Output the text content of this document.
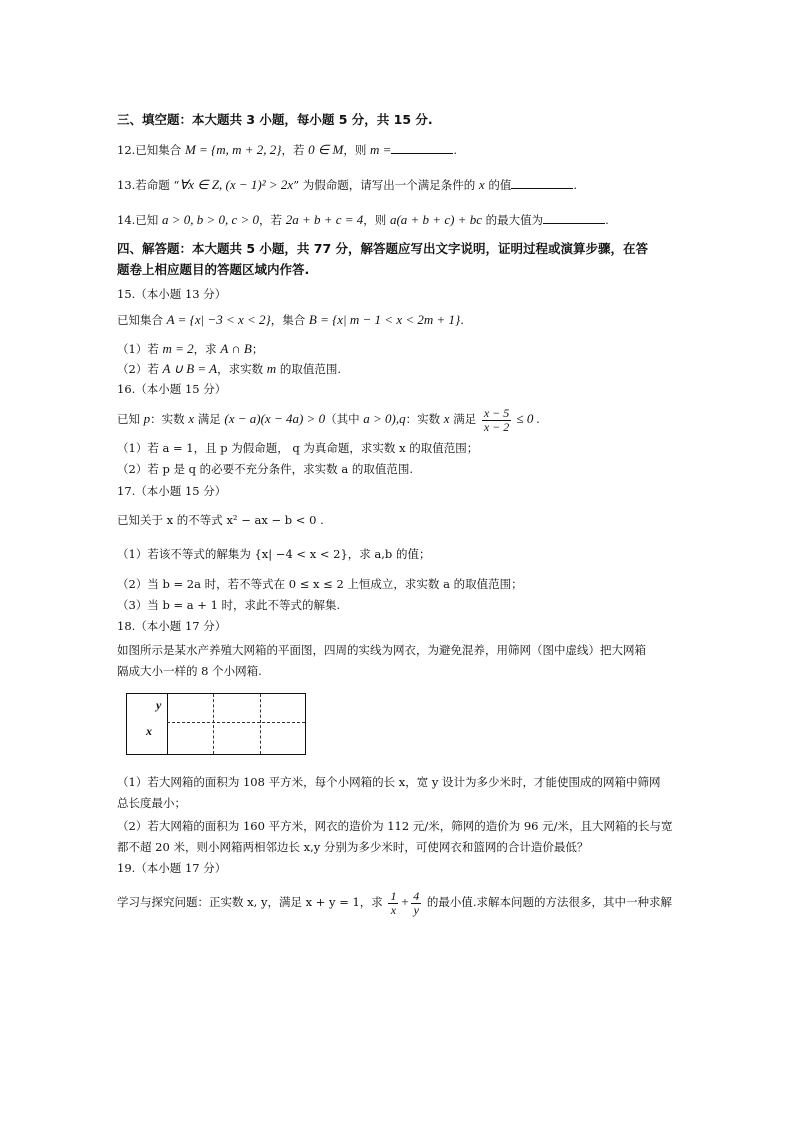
三、填空题：本大题共 3 小题，每小题 5 分，共 15 分.
12.已知集合 M = {m, m + 2, 2}，若 0 ∈ M，则 m =	.
13.若命题 “∀x ∈ Z, (x − 1)² > 2x” 为假命题，请写出一个满足条件的 x 的值	.
14.已知 a > 0, b > 0, c > 0，若 2a + b + c = 4，则 a(a + b + c) + bc 的最大值为	.
四、解答题：本大题共 5 小题，共 77 分，解答题应写出文字说明，证明过程或演算步骤，在答
题卷上相应题目的答题区域内作答.
15.（本小题 13 分）
已知集合 A = {x| −3 < x < 2}，集合 B = {x| m − 1 < x < 2m + 1}.
（1）若 m = 2，求 A ∩ B；
（2）若 A ∪ B = A，求实数 m 的取值范围.
16.（本小题 15 分）
已知 p：实数 x 满足 (x − a)(x − 4a) > 0（其中 a > 0),q：实数 x 满足 $\frac{x - 5}{x - 2} \le 0$ .
（1）若 a = 1，且 p 为假命题， q 为真命题，求实数 x 的取值范围；
（2）若 p 是 q 的必要不充分条件，求实数 a 的取值范围.
17.（本小题 15 分）
已知关于 x 的不等式 x² − ax − b < 0 .
（1）若该不等式的解集为 {x| −4 < x < 2}，求 a,b 的值；
（2）当 b = 2a 时，若不等式在 0 ≤ x ≤ 2 上恒成立，求实数 a 的取值范围；
（3）当 b = a + 1 时，求此不等式的解集.
18.（本小题 17 分）
如图所示是某水产养殖大网箱的平面图，四周的实线为网衣，为避免混养，用筛网（图中虚线）把大网箱
隔成大小一样的 8 个小网箱.
y
x
（1）若大网箱的面积为 108 平方米，每个小网箱的长 x，宽 y 设计为多少米时，才能使围成的网箱中筛网
总长度最小；
（2）若大网箱的面积为 160 平方米，网衣的造价为 112 元/米，筛网的造价为 96 元/米，且大网箱的长与宽
都不超 20 米，则小网箱两相邻边长 x,y 分别为多少米时，可使网衣和篮网的合计造价最低？
19.（本小题 17 分）
学习与探究问题：正实数 x, y，满足 x + y = 1，求 $\frac{1}{x} + \frac{4}{y}$ 的最小值.求解本问题的方法很多，其中一种求解
